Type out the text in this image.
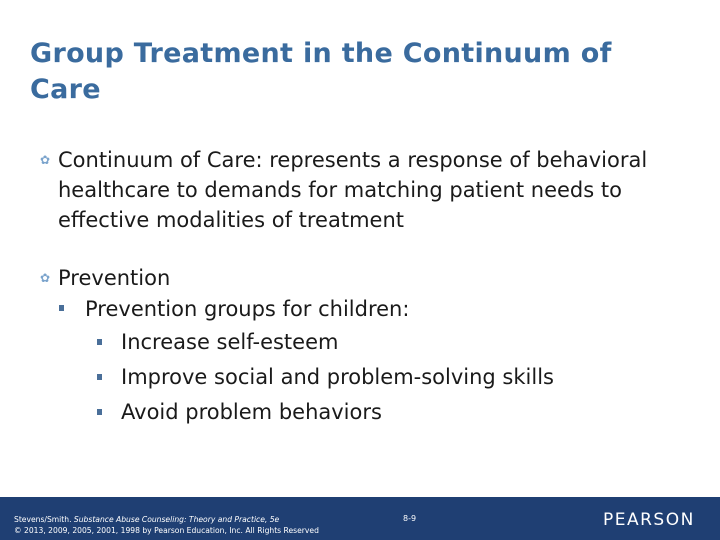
Group Treatment in the Continuum of Care
✿ Continuum of Care: represents a response of behavioral healthcare to demands for matching patient needs to effective modalities of treatment
✿ Prevention
Prevention groups for children:
Increase self-esteem
Improve social and problem-solving skills
Avoid problem behaviors
Stevens/Smith. Substance Abuse Counseling: Theory and Practice, 5e
© 2013, 2009, 2005, 2001, 1998 by Pearson Education, Inc. All Rights Reserved
8-9	PEARSON
